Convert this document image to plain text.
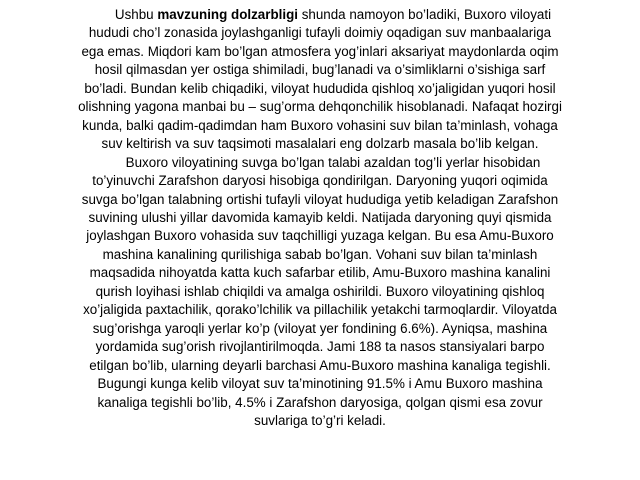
Ushbu mavzuning dolzarbligi shunda namoyon bo’ladiki, Buxoro viloyati
hududi cho’l zonasida joylashganligi tufayli doimiy oqadigan suv manbaalariga
ega emas. Miqdori kam bo’lgan atmosfera yog’inlari aksariyat maydonlarda oqim
hosil qilmasdan yer ostiga shimiladi, bug’lanadi va o’simliklarni o’sishiga sarf
bo’ladi. Bundan kelib chiqadiki, viloyat hududida qishloq xo’jaligidan yuqori hosil
olishning yagona manbai bu – sug’orma dehqonchilik hisoblanadi. Nafaqat hozirgi
kunda, balki qadim-qadimdan ham Buxoro vohasini suv bilan ta’minlash, vohaga
suv keltirish va suv taqsimoti masalalari eng dolzarb masala bo’lib kelgan.
Buxoro viloyatining suvga bo’lgan talabi azaldan tog’li yerlar hisobidan
to’yinuvchi Zarafshon daryosi hisobiga qondirilgan. Daryoning yuqori oqimida
suvga bo’lgan talabning ortishi tufayli viloyat hududiga yetib keladigan Zarafshon
suvining ulushi yillar davomida kamayib keldi. Natijada daryoning quyi qismida
joylashgan Buxoro vohasida suv taqchilligi yuzaga kelgan. Bu esa Amu-Buxoro
mashina kanalining qurilishiga sabab bo’lgan. Vohani suv bilan ta’minlash
maqsadida nihoyatda katta kuch safarbar etilib, Amu-Buxoro mashina kanalini
qurish loyihasi ishlab chiqildi va amalga oshirildi. Buxoro viloyatining qishloq
xo’jaligida paxtachilik, qorako’lchilik va pillachilik yetakchi tarmoqlardir. Viloyatda
sug’orishga yaroqli yerlar ko’p (viloyat yer fondining 6.6%). Ayniqsa, mashina
yordamida sug’orish rivojlantirilmoqda. Jami 188 ta nasos stansiyalari barpo
etilgan bo’lib, ularning deyarli barchasi Amu-Buxoro mashina kanaliga tegishli.
Bugungi kunga kelib viloyat suv ta’minotining 91.5% i Amu Buxoro mashina
kanaliga tegishli bo’lib, 4.5% i Zarafshon daryosiga, qolgan qismi esa zovur
suvlariga to’g’ri keladi.
